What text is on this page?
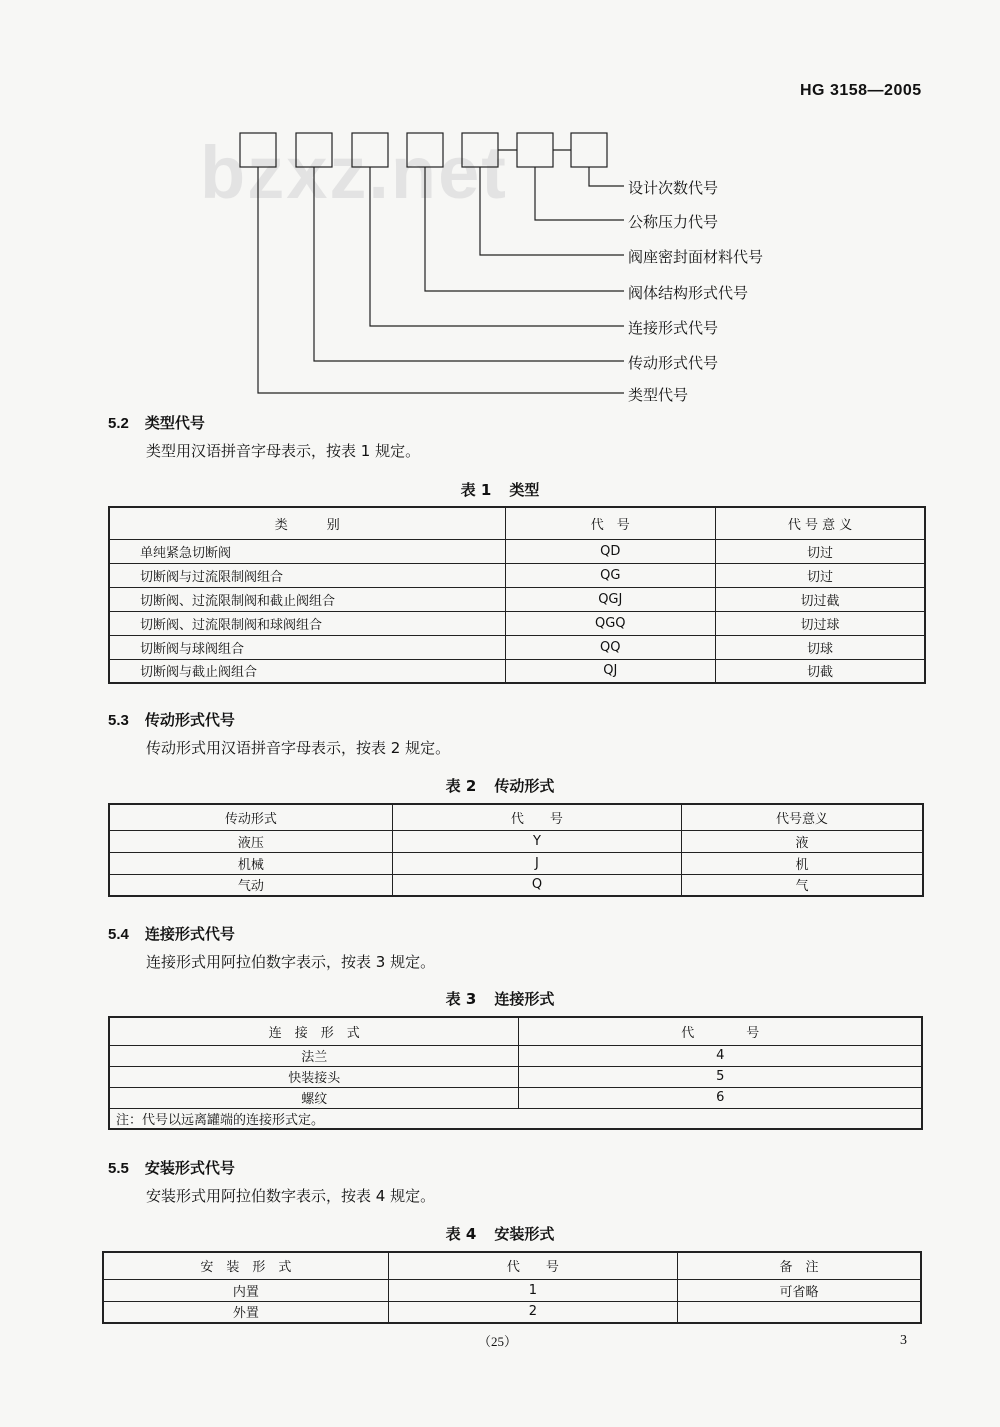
HG 3158—2005
bzxz.net	设计次数代号
公称压力代号
阀座密封面材料代号
阀体结构形式代号
连接形式代号
传动形式代号
类型代号
5.2 类型代号
类型用汉语拼音字母表示，按表 1 规定。
表 1 类型
类　　　别	代　号	代 号 意 义
单纯紧急切断阀	QD	切过
切断阀与过流限制阀组合	QG	切过
切断阀、过流限制阀和截止阀组合	QGJ	切过截
切断阀、过流限制阀和球阀组合	QGQ	切过球
切断阀与球阀组合	QQ	切球
切断阀与截止阀组合	QJ	切截
5.3 传动形式代号
传动形式用汉语拼音字母表示，按表 2 规定。
表 2 传动形式
传动形式	代　　号	代号意义
液压	Y	液
机械	J	机
气动	Q	气
5.4 连接形式代号
连接形式用阿拉伯数字表示，按表 3 规定。
表 3 连接形式
连　接　形　式	代　　　　号
法兰	4
快装接头	5
螺纹	6
注：代号以远离罐端的连接形式定。	
5.5 安装形式代号
安装形式用阿拉伯数字表示，按表 4 规定。
表 4 安装形式
安　装　形　式	代　　号	备　注
内置	1	可省略
外置	2	
（25）	3
